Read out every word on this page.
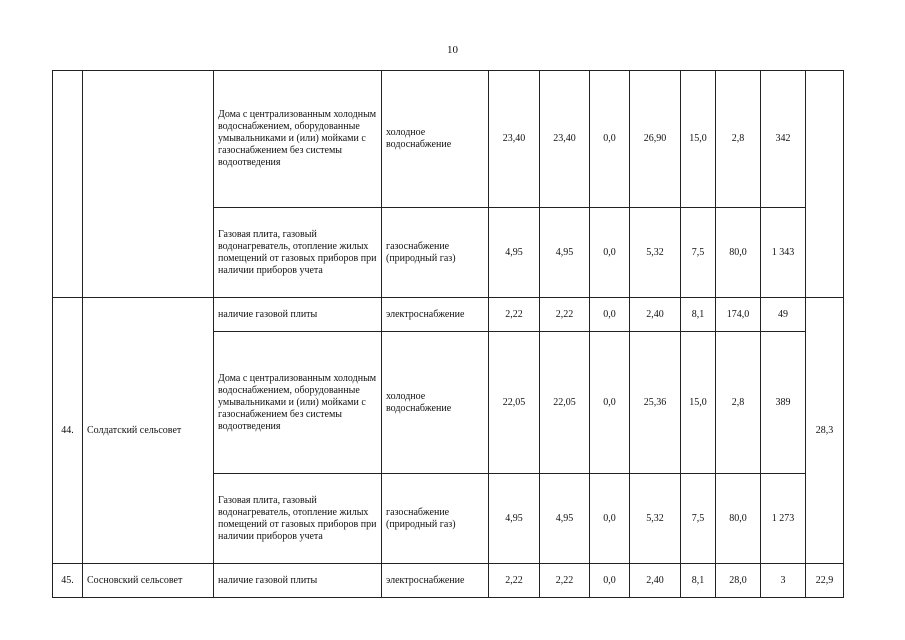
10
		Дома с централизованным холодным водоснабжением, оборудованные умывальниками и (или) мойками с газоснабжением без системы водоотведения	холодное водоснабжение	23,40	23,40	0,0	26,90	15,0	2,8	342	
		Газовая плита, газовый водонагреватель, отопление жилых помещений от газовых приборов при наличии приборов учета	газоснабжение (природный газ)	4,95	4,95	0,0	5,32	7,5	80,0	1 343	
44.	Солдатский сельсовет	наличие газовой плиты	электроснабжение	2,22	2,22	0,0	2,40	8,1	174,0	49	28,3
		Дома с централизованным холодным водоснабжением, оборудованные умывальниками и (или) мойками с газоснабжением без системы водоотведения	холодное водоснабжение	22,05	22,05	0,0	25,36	15,0	2,8	389	
		Газовая плита, газовый водонагреватель, отопление жилых помещений от газовых приборов при наличии приборов учета	газоснабжение (природный газ)	4,95	4,95	0,0	5,32	7,5	80,0	1 273	
45.	Сосновский сельсовет	наличие газовой плиты	электроснабжение	2,22	2,22	0,0	2,40	8,1	28,0	3	22,9
